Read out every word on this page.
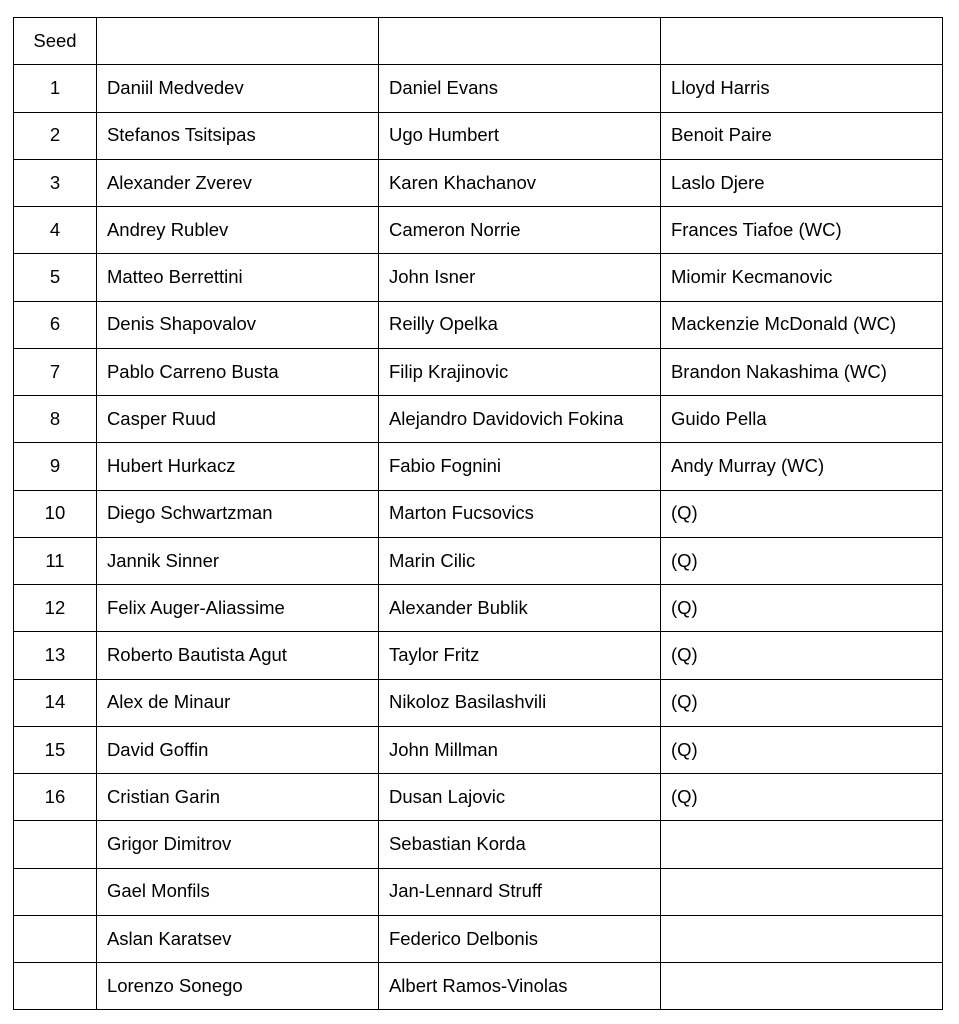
Seed			
1	Daniil Medvedev	Daniel Evans	Lloyd Harris
2	Stefanos Tsitsipas	Ugo Humbert	Benoit Paire
3	Alexander Zverev	Karen Khachanov	Laslo Djere
4	Andrey Rublev	Cameron Norrie	Frances Tiafoe (WC)
5	Matteo Berrettini	John Isner	Miomir Kecmanovic
6	Denis Shapovalov	Reilly Opelka	Mackenzie McDonald (WC)
7	Pablo Carreno Busta	Filip Krajinovic	Brandon Nakashima (WC)
8	Casper Ruud	Alejandro Davidovich Fokina	Guido Pella
9	Hubert Hurkacz	Fabio Fognini	Andy Murray (WC)
10	Diego Schwartzman	Marton Fucsovics	(Q)
11	Jannik Sinner	Marin Cilic	(Q)
12	Felix Auger-Aliassime	Alexander Bublik	(Q)
13	Roberto Bautista Agut	Taylor Fritz	(Q)
14	Alex de Minaur	Nikoloz Basilashvili	(Q)
15	David Goffin	John Millman	(Q)
16	Cristian Garin	Dusan Lajovic	(Q)
	Grigor Dimitrov	Sebastian Korda	
	Gael Monfils	Jan-Lennard Struff	
	Aslan Karatsev	Federico Delbonis	
	Lorenzo Sonego	Albert Ramos-Vinolas	
